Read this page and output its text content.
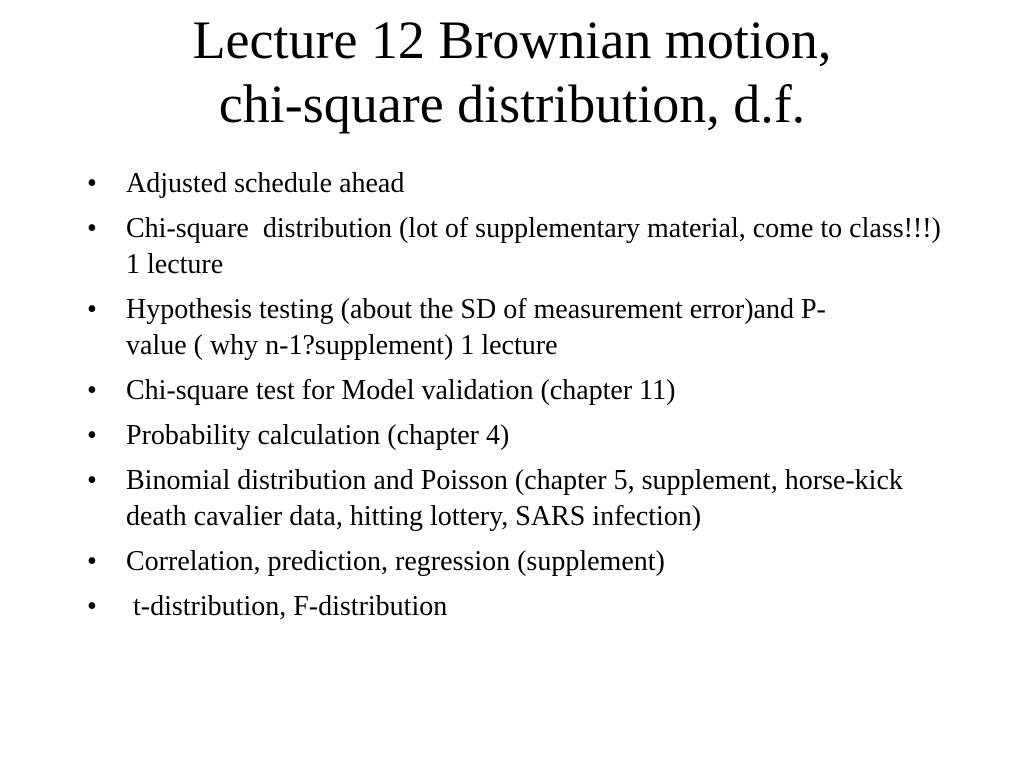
Lecture 12 Brownian motion,
chi-square distribution, d.f.
• Adjusted schedule ahead
• Chi-square  distribution (lot of supplementary material, come to class!!!) 1 lecture
• Hypothesis testing (about the SD of measurement error)and P-value ( why n-1?supplement) 1 lecture
• Chi-square test for Model validation (chapter 11)
• Probability calculation (chapter 4)
• Binomial distribution and Poisson (chapter 5, supplement, horse-kick death cavalier data, hitting lottery, SARS infection)
• Correlation, prediction, regression (supplement)
• t-distribution, F-distribution
